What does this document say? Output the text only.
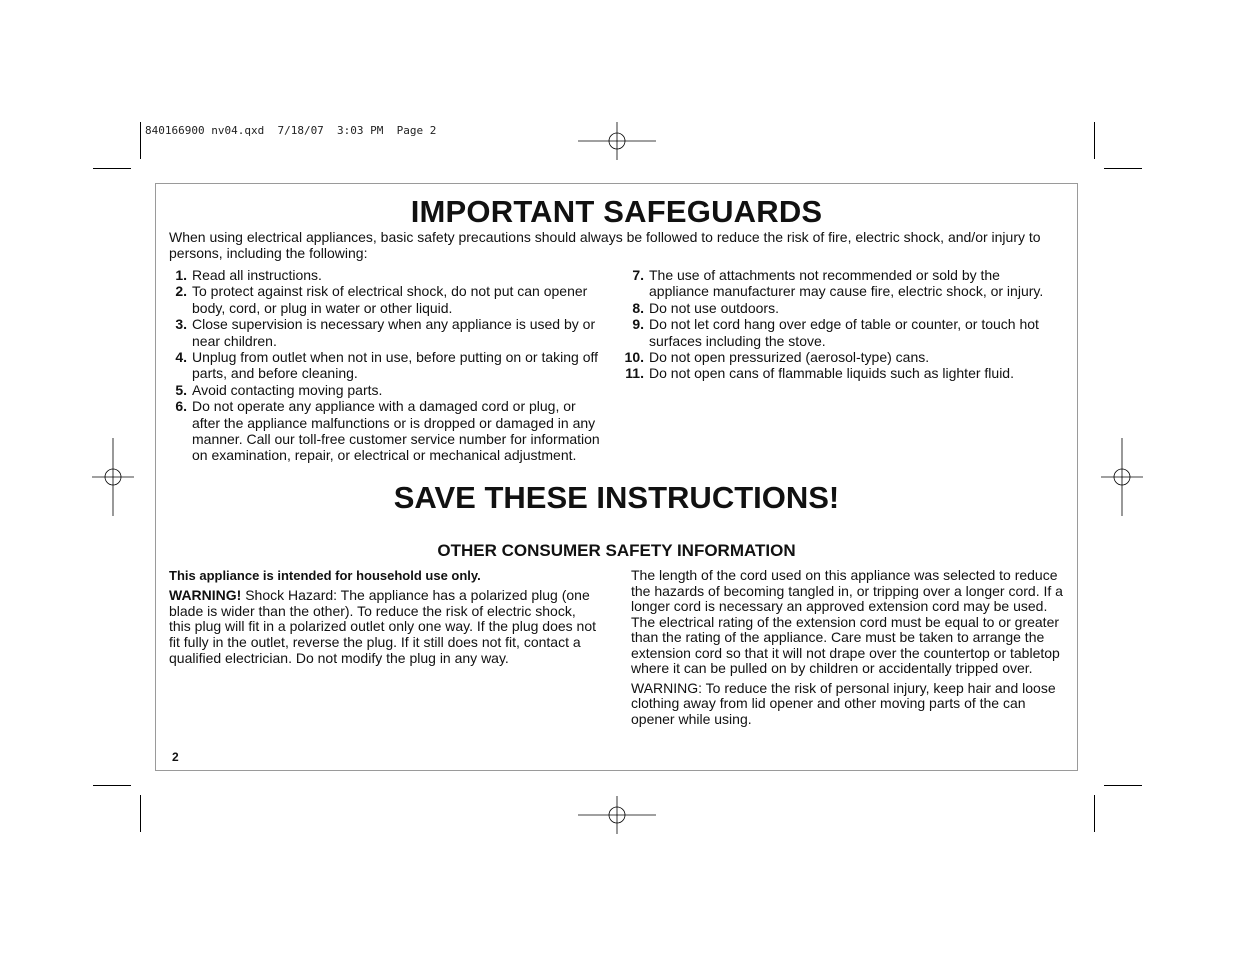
840166900 nv04.qxd  7/18/07  3:03 PM  Page 2
IMPORTANT SAFEGUARDS
When using electrical appliances, basic safety precautions should always be followed to reduce the risk of fire, electric shock, and/or injury to persons, including the following:
1. Read all instructions.
2. To protect against risk of electrical shock, do not put can opener body, cord, or plug in water or other liquid.
3. Close supervision is necessary when any appliance is used by or near children.
4. Unplug from outlet when not in use, before putting on or taking off parts, and before cleaning.
5. Avoid contacting moving parts.
6. Do not operate any appliance with a damaged cord or plug, or after the appliance malfunctions or is dropped or damaged in any manner. Call our toll-free customer service number for information on examination, repair, or electrical or mechanical adjustment.
7. The use of attachments not recommended or sold by the appliance manufacturer may cause fire, electric shock, or injury.
8. Do not use outdoors.
9. Do not let cord hang over edge of table or counter, or touch hot surfaces including the stove.
10. Do not open pressurized (aerosol-type) cans.
11. Do not open cans of flammable liquids such as lighter fluid.
SAVE THESE INSTRUCTIONS!
OTHER CONSUMER SAFETY INFORMATION

This appliance is intended for household use only.

WARNING! Shock Hazard: The appliance has a polarized plug (one blade is wider than the other). To reduce the risk of electric shock, this plug will fit in a polarized outlet only one way. If the plug does not fit fully in the outlet, reverse the plug. If it still does not fit, contact a qualified electrician. Do not modify the plug in any way.

The length of the cord used on this appliance was selected to reduce the hazards of becoming tangled in, or tripping over a longer cord. If a longer cord is necessary an approved extension cord may be used. The electrical rating of the extension cord must be equal to or greater than the rating of the appliance. Care must be taken to arrange the extension cord so that it will not drape over the countertop or tabletop where it can be pulled on by children or accidentally tripped over.

WARNING: To reduce the risk of personal injury, keep hair and loose clothing away from lid opener and other moving parts of the can opener while using.

2
